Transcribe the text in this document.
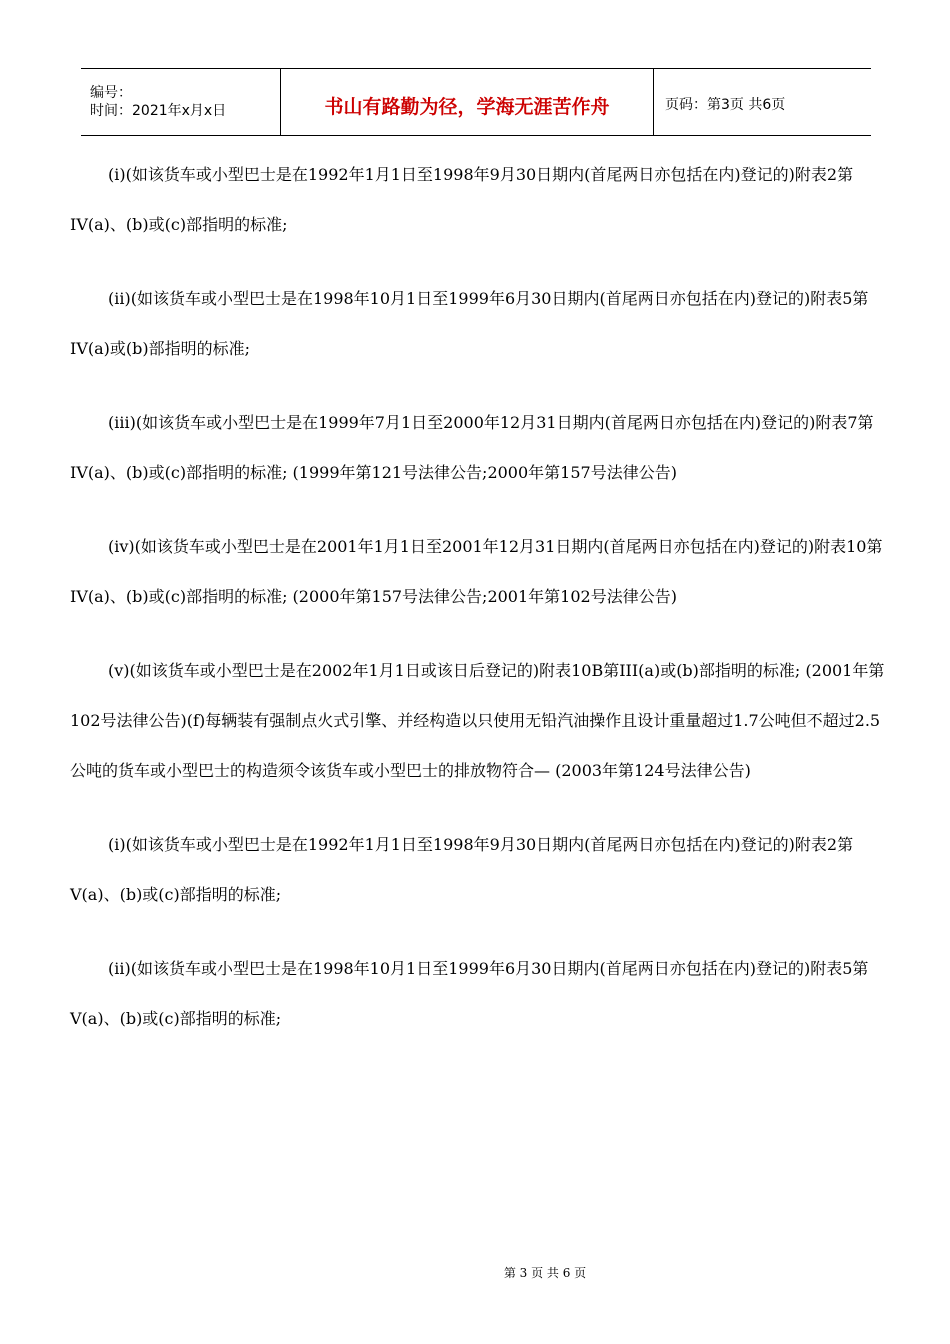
编号：
时间：2021年x月x日	书山有路勤为径，学海无涯苦作舟	页码：第3页 共6页

(i)(如该货车或小型巴士是在1992年1月1日至1998年9月30日期内(首尾两日亦包括在内)登记的)附表2第IV(a)、(b)或(c)部指明的标准;

(ii)(如该货车或小型巴士是在1998年10月1日至1999年6月30日期内(首尾两日亦包括在内)登记的)附表5第IV(a)或(b)部指明的标准;

(iii)(如该货车或小型巴士是在1999年7月1日至2000年12月31日期内(首尾两日亦包括在内)登记的)附表7第IV(a)、(b)或(c)部指明的标准; (1999年第121号法律公告;2000年第157号法律公告)

(iv)(如该货车或小型巴士是在2001年1月1日至2001年12月31日期内(首尾两日亦包括在内)登记的)附表10第IV(a)、(b)或(c)部指明的标准; (2000年第157号法律公告;2001年第102号法律公告)

(v)(如该货车或小型巴士是在2002年1月1日或该日后登记的)附表10B第III(a)或(b)部指明的标准; (2001年第102号法律公告)(f)每辆装有强制点火式引擎、并经构造以只使用无铅汽油操作且设计重量超过1.7公吨但不超过2.5公吨的货车或小型巴士的构造须令该货车或小型巴士的排放物符合— (2003年第124号法律公告)

(i)(如该货车或小型巴士是在1992年1月1日至1998年9月30日期内(首尾两日亦包括在内)登记的)附表2第V(a)、(b)或(c)部指明的标准;

(ii)(如该货车或小型巴士是在1998年10月1日至1999年6月30日期内(首尾两日亦包括在内)登记的)附表5第V(a)、(b)或(c)部指明的标准;

第 3 页 共 6 页
